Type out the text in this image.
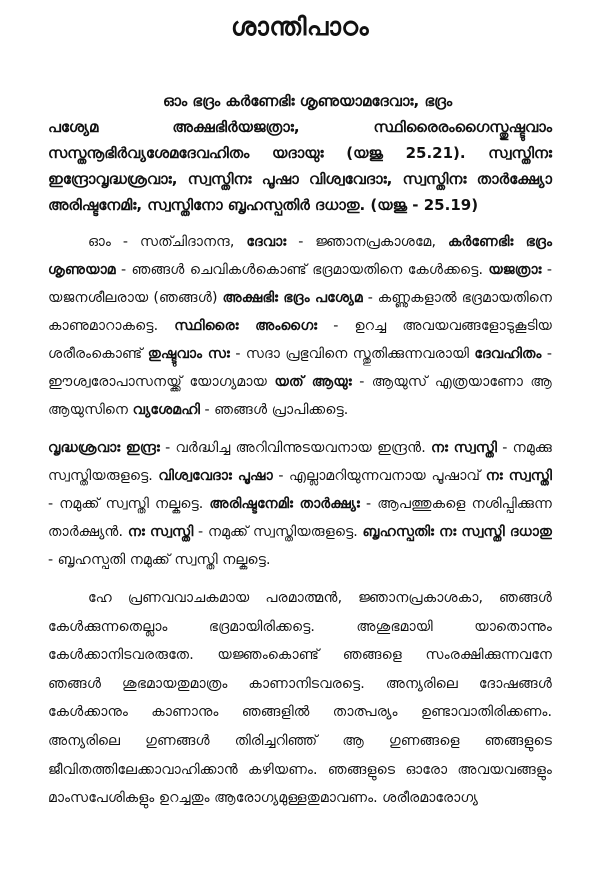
ശാന്തിപാഠം

ഓം ഭദ്രം കർണേഭിഃ ശൃണുയാമദേവാഃ, ഭദ്രം
പശ്യേമ അക്ഷഭിർയജത്രാഃ, സ്ഥിരൈരംഗൈസ്തുഷ്ടുവാം സസ്തനൂഭിർവ്യശേമദേവഹിതം യദായുഃ (യജു 25.21). സ്വസ്തിനഃ ഇന്ദ്രോവൃദ്ധശ്രവാഃ, സ്വസ്തിനഃ പൂഷാ വിശ്വവേദാഃ, സ്വസ്തിനഃ താർക്ഷ്യോ അരിഷ്ടനേമിഃ, സ്വസ്തിനോ ബൃഹസ്പതിർ ദധാതു. (യജു - 25.19)

ഓം - സത്ചിദാനന്ദ, ദേവാഃ - ജ്ഞാനപ്രകാശമേ, കർണേഭിഃ ഭദ്രം ശൃണുയാമ - ഞങ്ങൾ ചെവികൾകൊണ്ട് ഭദ്രമായതിനെ കേൾക്കട്ടെ. യജത്രാഃ - യജനശീലരായ (ഞങ്ങൾ) അക്ഷഭിഃ ഭദ്രം പശ്യേമ - കണ്ണുകളാൽ ഭദ്രമായതിനെ കാണുമാറാകട്ടെ. സ്ഥിരൈഃ അംഗൈഃ - ഉറച്ച അവയവങ്ങളോടുകൂടിയ ശരീരംകൊണ്ട് തുഷ്ടുവാം സഃ - സദാ പ്രഭുവിനെ സ്തുതിക്കുന്നവരായി ദേവഹിതം - ഈശ്വരോപാസനയ്ക്ക് യോഗ്യമായ യത് ആയുഃ - ആയുസ് എത്രയാണോ ആ ആയുസിനെ വ്യശേമഹി - ഞങ്ങൾ പ്രാപിക്കട്ടെ.

വൃദ്ധശ്രവാഃ ഇന്ദ്രഃ - വർദ്ധിച്ച അറിവിന്നുടയവനായ ഇന്ദ്രൻ. നഃ സ്വസ്തി - നമുക്കു സ്വസ്തിയരുളട്ടെ. വിശ്വവേദാഃ പൂഷാ - എല്ലാമറിയുന്നവനായ പൂഷാവ് നഃ സ്വസ്തി - നമുക്ക് സ്വസ്തി നല്കട്ടെ. അരിഷ്ടനേമിഃ താർക്ഷ്യഃ - ആപത്തുകളെ നശിപ്പിക്കുന്ന താർക്ഷ്യൻ. നഃ സ്വസ്തി - നമുക്ക് സ്വസ്തിയരുളട്ടെ. ബൃഹസ്പതിഃ നഃ സ്വസ്തി ദധാതു - ബൃഹസ്പതി നമുക്ക് സ്വസ്തി നല്കട്ടെ.

ഹേ പ്രണവവാചകമായ പരമാത്മൻ, ജ്ഞാനപ്രകാശകാ, ഞങ്ങൾ കേൾക്കുന്നതെല്ലാം ഭദ്രമായിരിക്കട്ടെ. അശുഭമായി യാതൊന്നും കേൾക്കാനിടവരരുതേ. യജ്ഞംകൊണ്ട് ഞങ്ങളെ സംരക്ഷിക്കുന്നവനേ ഞങ്ങൾ ശുഭമായതുമാത്രം കാണാനിടവരട്ടെ. അന്യരിലെ ദോഷങ്ങൾ കേൾക്കാനും കാണാനും ഞങ്ങളിൽ താത്പര്യം ഉണ്ടാവാതിരിക്കണം. അന്യരിലെ ഗുണങ്ങൾ തിരിച്ചറിഞ്ഞ് ആ ഗുണങ്ങളെ ഞങ്ങളുടെ ജീവിതത്തിലേക്കാവാഹിക്കാൻ കഴിയണം. ഞങ്ങളുടെ ഓരോ അവയവങ്ങളും മാംസപേശികളും ഉറച്ചതും ആരോഗ്യമുള്ളതുമാവണം. ശരീരമാരോഗ്യ
